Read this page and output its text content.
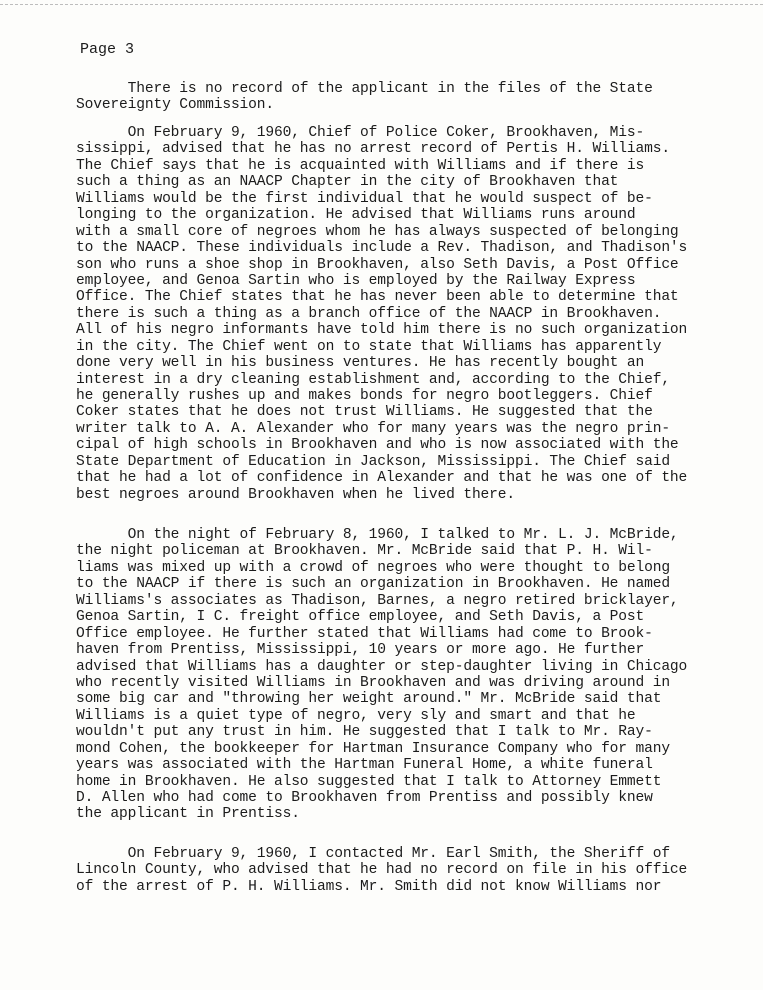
Page 3
There is no record of the applicant in the files of the State
Sovereignty Commission.
On February 9, 1960, Chief of Police Coker, Brookhaven, Mis-
sissippi, advised that he has no arrest record of Pertis H. Williams.
The Chief says that he is acquainted with Williams and if there is
such a thing as an NAACP Chapter in the city of Brookhaven that
Williams would be the first individual that he would suspect of be-
longing to the organization. He advised that Williams runs around
with a small core of negroes whom he has always suspected of belonging
to the NAACP. These individuals include a Rev. Thadison, and Thadison's
son who runs a shoe shop in Brookhaven, also Seth Davis, a Post Office
employee, and Genoa Sartin who is employed by the Railway Express
Office. The Chief states that he has never been able to determine that
there is such a thing as a branch office of the NAACP in Brookhaven.
All of his negro informants have told him there is no such organization
in the city. The Chief went on to state that Williams has apparently
done very well in his business ventures. He has recently bought an
interest in a dry cleaning establishment and, according to the Chief,
he generally rushes up and makes bonds for negro bootleggers. Chief
Coker states that he does not trust Williams. He suggested that the
writer talk to A. A. Alexander who for many years was the negro prin-
cipal of high schools in Brookhaven and who is now associated with the
State Department of Education in Jackson, Mississippi. The Chief said
that he had a lot of confidence in Alexander and that he was one of the
best negroes around Brookhaven when he lived there.
On the night of February 8, 1960, I talked to Mr. L. J. McBride,
the night policeman at Brookhaven. Mr. McBride said that P. H. Wil-
liams was mixed up with a crowd of negroes who were thought to belong
to the NAACP if there is such an organization in Brookhaven. He named
Williams's associates as Thadison, Barnes, a negro retired bricklayer,
Genoa Sartin, I C. freight office employee, and Seth Davis, a Post
Office employee. He further stated that Williams had come to Brook-
haven from Prentiss, Mississippi, 10 years or more ago. He further
advised that Williams has a daughter or step-daughter living in Chicago
who recently visited Williams in Brookhaven and was driving around in
some big car and "throwing her weight around." Mr. McBride said that
Williams is a quiet type of negro, very sly and smart and that he
wouldn't put any trust in him. He suggested that I talk to Mr. Ray-
mond Cohen, the bookkeeper for Hartman Insurance Company who for many
years was associated with the Hartman Funeral Home, a white funeral
home in Brookhaven. He also suggested that I talk to Attorney Emmett
D. Allen who had come to Brookhaven from Prentiss and possibly knew
the applicant in Prentiss.
On February 9, 1960, I contacted Mr. Earl Smith, the Sheriff of
Lincoln County, who advised that he had no record on file in his office
of the arrest of P. H. Williams. Mr. Smith did not know Williams nor
